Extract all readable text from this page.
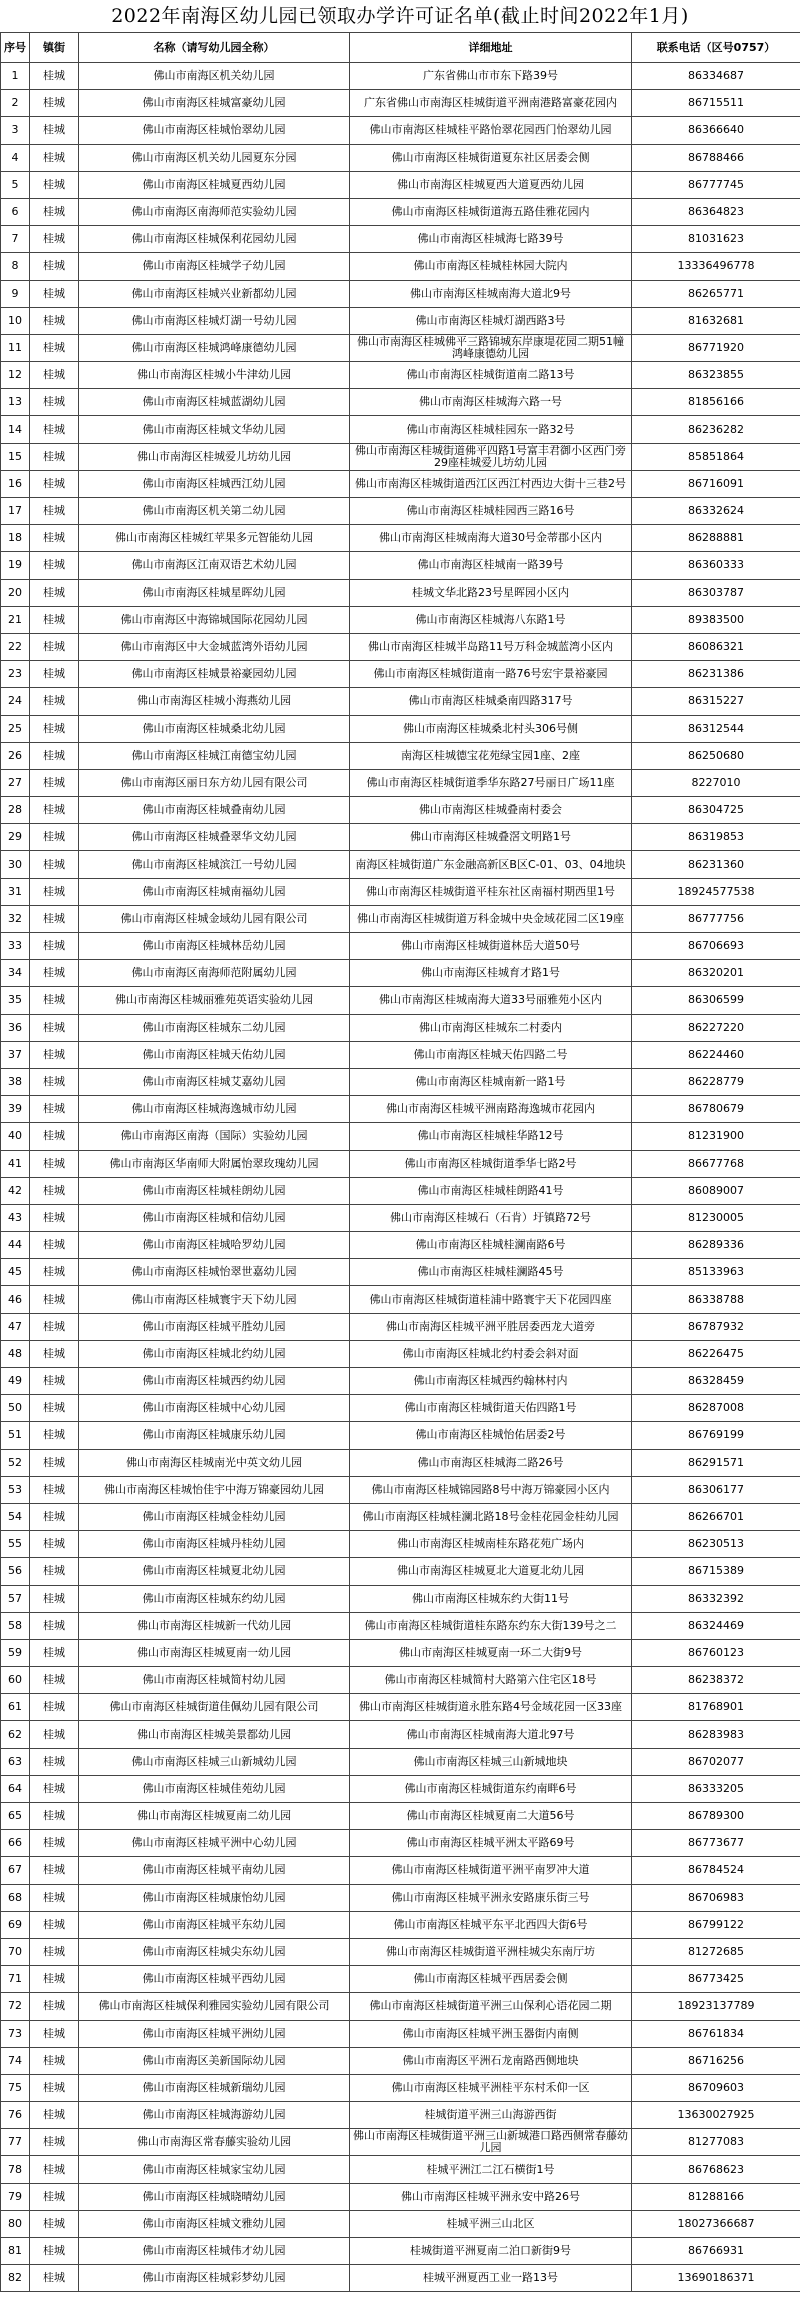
2022年南海区幼儿园已领取办学许可证名单(截止时间2022年1月)
序号	镇街	名称（请写幼儿园全称）	详细地址	联系电话（区号0757）
1	桂城	佛山市南海区机关幼儿园	广东省佛山市市东下路39号	86334687
2	桂城	佛山市南海区桂城富豪幼儿园	广东省佛山市南海区桂城街道平洲南港路富豪花园内	86715511
3	桂城	佛山市南海区桂城怡翠幼儿园	佛山市南海区桂城桂平路怡翠花园西门怡翠幼儿园	86366640
4	桂城	佛山市南海区机关幼儿园夏东分园	佛山市南海区桂城街道夏东社区居委会侧	86788466
5	桂城	佛山市南海区桂城夏西幼儿园	佛山市南海区桂城夏西大道夏西幼儿园	86777745
6	桂城	佛山市南海区南海师范实验幼儿园	佛山市南海区桂城街道海五路佳雅花园内	86364823
7	桂城	佛山市南海区桂城保利花园幼儿园	佛山市南海区桂城海七路39号	81031623
8	桂城	佛山市南海区桂城学子幼儿园	佛山市南海区桂城桂林园大院内	13336496778
9	桂城	佛山市南海区桂城兴业新都幼儿园	佛山市南海区桂城南海大道北9号	86265771
10	桂城	佛山市南海区桂城灯湖一号幼儿园	佛山市南海区桂城灯湖西路3号	81632681
11	桂城	佛山市南海区桂城鸿峰康德幼儿园	佛山市南海区桂城佛平三路锦城东岸康堤花园二期51幢鸿峰康德幼儿园	86771920
12	桂城	佛山市南海区桂城小牛津幼儿园	佛山市南海区桂城街道南二路13号	86323855
13	桂城	佛山市南海区桂城蓝湖幼儿园	佛山市南海区桂城海六路一号	81856166
14	桂城	佛山市南海区桂城文华幼儿园	佛山市南海区桂城桂园东一路32号	86236282
15	桂城	佛山市南海区桂城爱儿坊幼儿园	佛山市南海区桂城街道佛平四路1号富丰君御小区西门旁29座桂城爱儿坊幼儿园	85851864
16	桂城	佛山市南海区桂城西江幼儿园	佛山市南海区桂城街道西江区西江村西边大街十三巷2号	86716091
17	桂城	佛山市南海区机关第二幼儿园	佛山市南海区桂城桂园西三路16号	86332624
18	桂城	佛山市南海区桂城红苹果多元智能幼儿园	佛山市南海区桂城南海大道30号金蒂郡小区内	86288881
19	桂城	佛山市南海区江南双语艺术幼儿园	佛山市南海区桂城南一路39号	86360333
20	桂城	佛山市南海区桂城星晖幼儿园	桂城文华北路23号星晖园小区内	86303787
21	桂城	佛山市南海区中海锦城国际花园幼儿园	佛山市南海区桂城海八东路1号	89383500
22	桂城	佛山市南海区中大金城蓝湾外语幼儿园	佛山市南海区桂城半岛路11号万科金城蓝湾小区内	86086321
23	桂城	佛山市南海区桂城景裕豪园幼儿园	佛山市南海区桂城街道南一路76号宏宇景裕豪园	86231386
24	桂城	佛山市南海区桂城小海燕幼儿园	佛山市南海区桂城桑南四路317号	86315227
25	桂城	佛山市南海区桂城桑北幼儿园	佛山市南海区桂城桑北村头306号侧	86312544
26	桂城	佛山市南海区桂城江南德宝幼儿园	南海区桂城德宝花苑绿宝园1座、2座	86250680
27	桂城	佛山市南海区丽日东方幼儿园有限公司	佛山市南海区桂城街道季华东路27号丽日广场11座	8227010
28	桂城	佛山市南海区桂城叠南幼儿园	佛山市南海区桂城叠南村委会	86304725
29	桂城	佛山市南海区桂城叠翠华文幼儿园	佛山市南海区桂城叠滘文明路1号	86319853
30	桂城	佛山市南海区桂城滨江一号幼儿园	南海区桂城街道广东金融高新区B区C-01、03、04地块	86231360
31	桂城	佛山市南海区桂城南福幼儿园	佛山市南海区桂城街道平桂东社区南福村期西里1号	18924577538
32	桂城	佛山市南海区桂城金域幼儿园有限公司	佛山市南海区桂城街道万科金城中央金域花园二区19座	86777756
33	桂城	佛山市南海区桂城林岳幼儿园	佛山市南海区桂城街道林岳大道50号	86706693
34	桂城	佛山市南海区南海师范附属幼儿园	佛山市南海区桂城育才路1号	86320201
35	桂城	佛山市南海区桂城丽雅苑英语实验幼儿园	佛山市南海区桂城南海大道33号丽雅苑小区内	86306599
36	桂城	佛山市南海区桂城东二幼儿园	佛山市南海区桂城东二村委内	86227220
37	桂城	佛山市南海区桂城天佑幼儿园	佛山市南海区桂城天佑四路二号	86224460
38	桂城	佛山市南海区桂城艾嘉幼儿园	佛山市南海区桂城南新一路1号	86228779
39	桂城	佛山市南海区桂城海逸城市幼儿园	佛山市南海区桂城平洲南路海逸城市花园内	86780679
40	桂城	佛山市南海区南海（国际）实验幼儿园	佛山市南海区桂城桂华路12号	81231900
41	桂城	佛山市南海区华南师大附属怡翠玫瑰幼儿园	佛山市南海区桂城街道季华七路2号	86677768
42	桂城	佛山市南海区桂城桂朗幼儿园	佛山市南海区桂城桂朗路41号	86089007
43	桂城	佛山市南海区桂城和信幼儿园	佛山市南海区桂城石（石肯）圩镇路72号	81230005
44	桂城	佛山市南海区桂城哈罗幼儿园	佛山市南海区桂城桂澜南路6号	86289336
45	桂城	佛山市南海区桂城怡翠世嘉幼儿园	佛山市南海区桂城桂澜路45号	85133963
46	桂城	佛山市南海区桂城寰宇天下幼儿园	佛山市南海区桂城街道桂浦中路寰宇天下花园四座	86338788
47	桂城	佛山市南海区桂城平胜幼儿园	佛山市南海区桂城平洲平胜居委西龙大道旁	86787932
48	桂城	佛山市南海区桂城北约幼儿园	佛山市南海区桂城北约村委会斜对面	86226475
49	桂城	佛山市南海区桂城西约幼儿园	佛山市南海区桂城西约翰林村内	86328459
50	桂城	佛山市南海区桂城中心幼儿园	佛山市南海区桂城街道天佑四路1号	86287008
51	桂城	佛山市南海区桂城康乐幼儿园	佛山市南海区桂城怡佑居委2号	86769199
52	桂城	佛山市南海区桂城南光中英文幼儿园	佛山市南海区桂城海二路26号	86291571
53	桂城	佛山市南海区桂城怡佳宇中海万锦豪园幼儿园	佛山市南海区桂城锦园路8号中海万锦豪园小区内	86306177
54	桂城	佛山市南海区桂城金桂幼儿园	佛山市南海区桂城桂澜北路18号金桂花园金桂幼儿园	86266701
55	桂城	佛山市南海区桂城丹桂幼儿园	佛山市南海区桂城南桂东路花苑广场内	86230513
56	桂城	佛山市南海区桂城夏北幼儿园	佛山市南海区桂城夏北大道夏北幼儿园	86715389
57	桂城	佛山市南海区桂城东约幼儿园	佛山市南海区桂城东约大街11号	86332392
58	桂城	佛山市南海区桂城新一代幼儿园	佛山市南海区桂城街道桂东路东约东大街139号之二	86324469
59	桂城	佛山市南海区桂城夏南一幼儿园	佛山市南海区桂城夏南一环二大街9号	86760123
60	桂城	佛山市南海区桂城简村幼儿园	佛山市南海区桂城简村大路第六住宅区18号	86238372
61	桂城	佛山市南海区桂城街道佳佩幼儿园有限公司	佛山市南海区桂城街道永胜东路4号金域花园一区33座	81768901
62	桂城	佛山市南海区桂城美景都幼儿园	佛山市南海区桂城南海大道北97号	86283983
63	桂城	佛山市南海区桂城三山新城幼儿园	佛山市南海区桂城三山新城地块	86702077
64	桂城	佛山市南海区桂城佳苑幼儿园	佛山市南海区桂城街道东约南畔6号	86333205
65	桂城	佛山市南海区桂城夏南二幼儿园	佛山市南海区桂城夏南二大道56号	86789300
66	桂城	佛山市南海区桂城平洲中心幼儿园	佛山市南海区桂城平洲太平路69号	86773677
67	桂城	佛山市南海区桂城平南幼儿园	佛山市南海区桂城街道平洲平南罗冲大道	86784524
68	桂城	佛山市南海区桂城康怡幼儿园	佛山市南海区桂城平洲永安路康乐街三号	86706983
69	桂城	佛山市南海区桂城平东幼儿园	佛山市南海区桂城平东平北西四大街6号	86799122
70	桂城	佛山市南海区桂城尖东幼儿园	佛山市南海区桂城街道平洲桂城尖东南厅坊	81272685
71	桂城	佛山市南海区桂城平西幼儿园	佛山市南海区桂城平西居委会侧	86773425
72	桂城	佛山市南海区桂城保利雅园实验幼儿园有限公司	佛山市南海区桂城街道平洲三山保利心语花园二期	18923137789
73	桂城	佛山市南海区桂城平洲幼儿园	佛山市南海区桂城平洲玉器街内南侧	86761834
74	桂城	佛山市南海区美新国际幼儿园	佛山市南海区平洲石龙南路西侧地块	86716256
75	桂城	佛山市南海区桂城新瑞幼儿园	佛山市南海区桂城平洲桂平东村禾仰一区	86709603
76	桂城	佛山市南海区桂城海游幼儿园	桂城街道平洲三山海游西街	13630027925
77	桂城	佛山市南海区常春藤实验幼儿园	佛山市南海区桂城街道平洲三山新城港口路西侧常春藤幼儿园	81277083
78	桂城	佛山市南海区桂城家宝幼儿园	桂城平洲江二江石横街1号	86768623
79	桂城	佛山市南海区桂城晓晴幼儿园	佛山市南海区桂城平洲永安中路26号	81288166
80	桂城	佛山市南海区桂城文雅幼儿园	桂城平洲三山北区	18027366687
81	桂城	佛山市南海区桂城伟才幼儿园	桂城街道平洲夏南二泊口新街9号	86766931
82	桂城	佛山市南海区桂城彩梦幼儿园	桂城平洲夏西工业一路13号	13690186371
